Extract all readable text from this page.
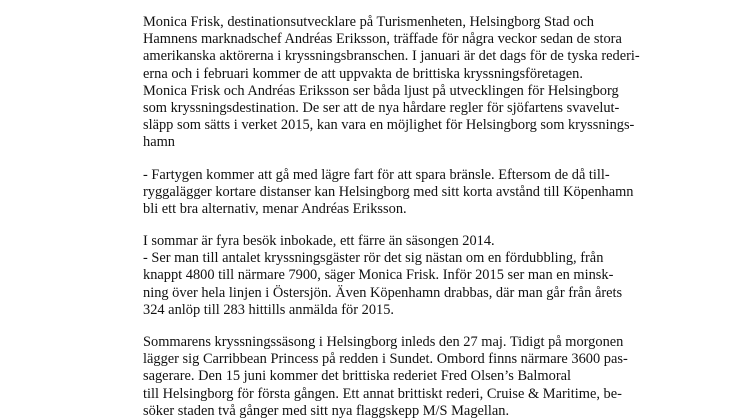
Monica Frisk, destinationsutvecklare på Turismenheten, Helsingborg Stad och
Hamnens marknadschef Andréas Eriksson, träffade för några veckor sedan de stora
amerikanska aktörerna i kryssningsbranschen. I januari är det dags för de tyska rederi-
erna och i februari kommer de att uppvakta de brittiska kryssningsföretagen.
Monica Frisk och Andréas Eriksson ser båda ljust på utvecklingen för Helsingborg
som kryssningsdestination. De ser att de nya hårdare regler för sjöfartens svavelut-
släpp som sätts i verket 2015, kan vara en möjlighet för Helsingborg som kryssnings-
hamn
- Fartygen kommer att gå med lägre fart för att spara bränsle. Eftersom de då till-
ryggalägger kortare distanser kan Helsingborg med sitt korta avstånd till Köpenhamn
bli ett bra alternativ, menar Andréas Eriksson.
I sommar är fyra besök inbokade, ett färre än säsongen 2014.
- Ser man till antalet kryssningsgäster rör det sig nästan om en fördubbling, från
knappt 4800 till närmare 7900, säger Monica Frisk. Inför 2015 ser man en minsk-
ning över hela linjen i Östersjön. Även Köpenhamn drabbas, där man går från årets
324 anlöp till 283 hittills anmälda för 2015.
Sommarens kryssningssäsong i Helsingborg inleds den 27 maj. Tidigt på morgonen
lägger sig Carribbean Princess på redden i Sundet. Ombord finns närmare 3600 pas-
sagerare. Den 15 juni kommer det brittiska rederiet Fred Olsen’s Balmoral
till Helsingborg för första gången. Ett annat brittiskt rederi, Cruise & Maritime, be-
söker staden två gånger med sitt nya flaggskepp M/S Magellan.
